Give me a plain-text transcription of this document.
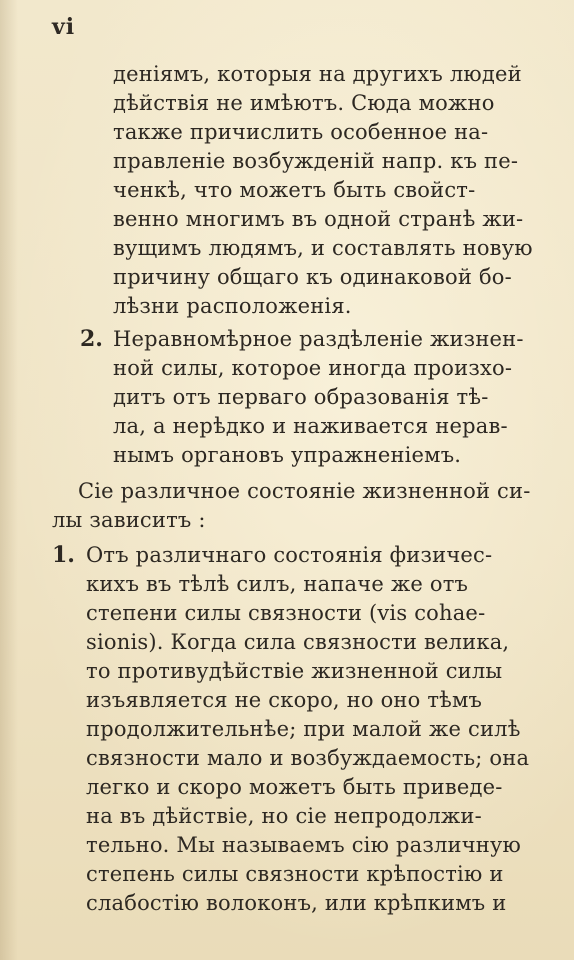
vi
деніямъ, которыя на другихъ людей
дѣйствія не имѣютъ. Сюда можно
также причислить особенное на-
правленіе возбужденій напр. къ пе-
ченкѣ, что можетъ быть свойст-
венно многимъ въ одной странѣ жи-
вущимъ людямъ, и составлять новую
причину общаго къ одинаковой бо-
лѣзни расположенія.
2. Неравномѣрное раздѣленіе жизнен-
ной силы, которое иногда произхо-
дитъ отъ перваго образованія тѣ-
ла, а нерѣдко и наживается нерав-
нымъ органовъ упражненіемъ.
Сіе различное состояніе жизненной си-
лы зависитъ :
1. Отъ различнаго состоянія физичес-
кихъ въ тѣлѣ силъ, напаче же отъ
степени силы связности (vis cohae-
sionis). Когда сила связности велика,
то противудѣйствіе жизненной силы
изъявляется не скоро, но оно тѣмъ
продолжительнѣе; при малой же силѣ
связности мало и возбуждаемость; она
легко и скоро можетъ быть приведе-
на въ дѣйствіе, но сіе непродолжи-
тельно. Мы называемъ сію различную
степень силы связности крѣпостію и
слабостію волоконъ, или крѣпкимъ и
